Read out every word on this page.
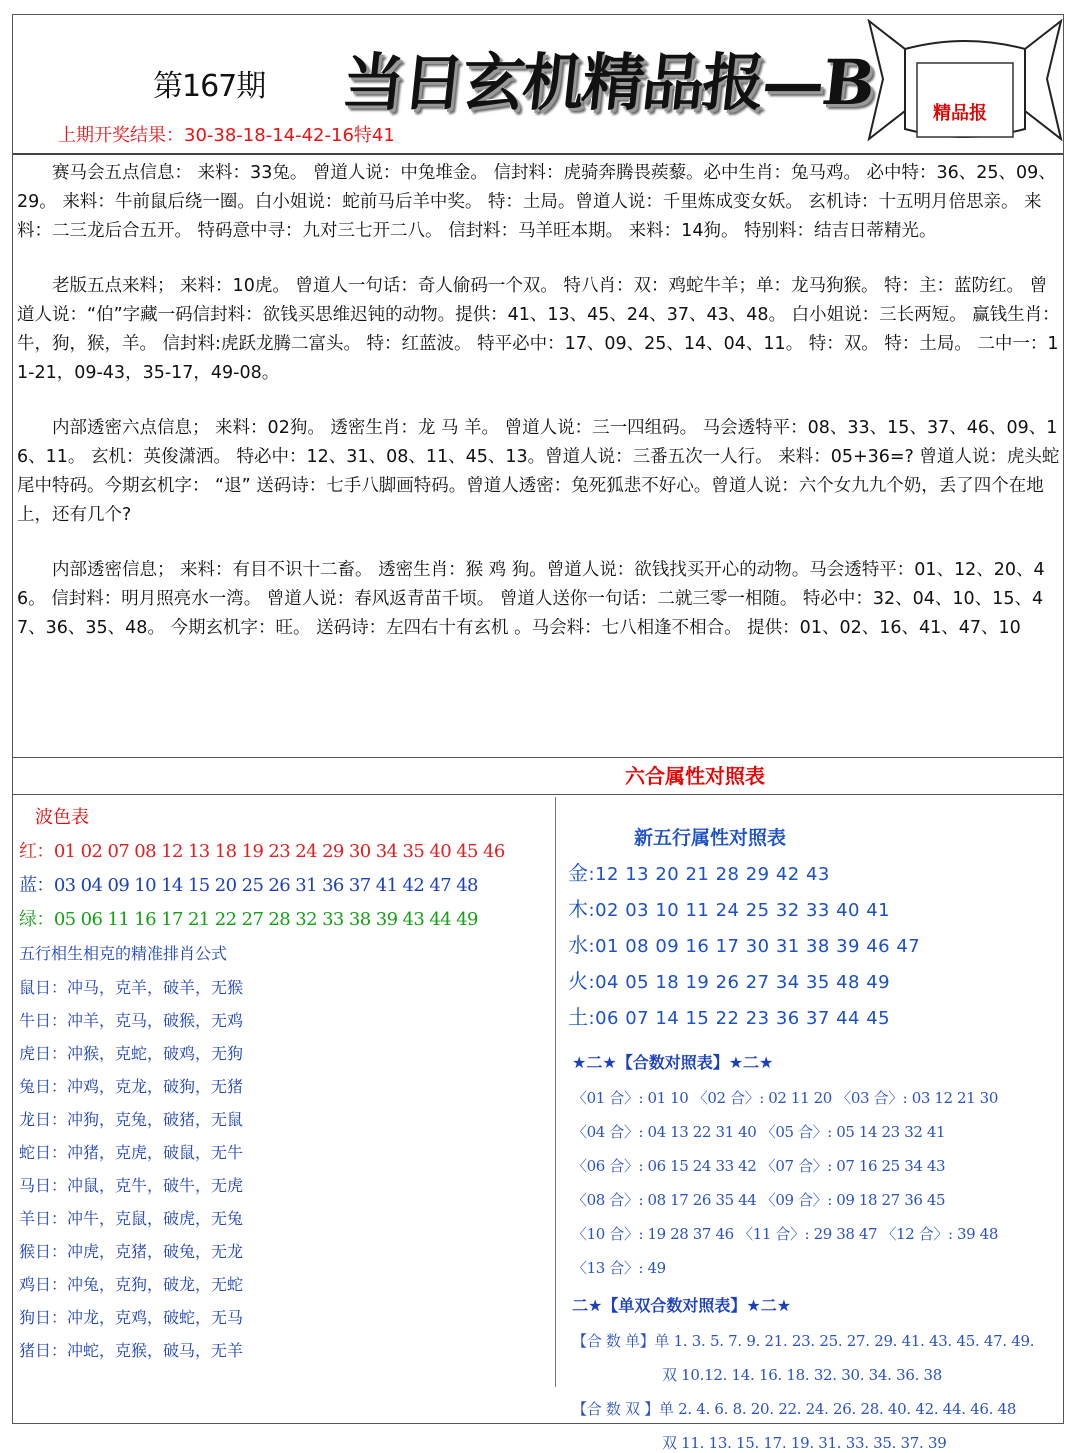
第167期 当日玄机精品报—B	精品报
上期开奖结果：30-38-18-14-42-16特41

赛马会五点信息： 来料：33兔。 曾道人说：中兔堆金。 信封料：虎骑奔腾畏蒺藜。必中生肖：兔马鸡。 必中特：36、25、09、29。 来料：牛前鼠后绕一圈。白小姐说：蛇前马后羊中奖。 特：土局。曾道人说：千里炼成变女妖。 玄机诗：十五明月倍思亲。 来料：二三龙后合五开。 特码意中寻：九对三七开二八。 信封料：马羊旺本期。 来料：14狗。 特别料：结吉日蒂精光。

老版五点来料； 来料：10虎。 曾道人一句话：奇人偷码一个双。 特八肖：双：鸡蛇牛羊；单：龙马狗猴。 特：主：蓝防红。 曾道人说：“伯”字藏一码信封料：欲钱买思维迟钝的动物。提供：41、13、45、24、37、43、48。 白小姐说：三长两短。 赢钱生肖：牛，狗，猴，羊。 信封料:虎跃龙腾二富头。 特：红蓝波。 特平必中：17、09、25、14、04、11。 特：双。 特：土局。 二中一：11-21，09-43，35-17，49-08。

内部透密六点信息； 来料：02狗。 透密生肖：龙 马 羊。 曾道人说：三一四组码。 马会透特平：08、33、15、37、46、09、16、11。 玄机：英俊潇洒。 特必中：12、31、08、11、45、13。曾道人说：三番五次一人行。 来料：05+36=? 曾道人说：虎头蛇尾中特码。今期玄机字： “退” 送码诗：七手八脚画特码。曾道人透密：兔死狐悲不好心。曾道人说：六个女九九个奶，丢了四个在地上，还有几个?

内部透密信息； 来料：有目不识十二畜。 透密生肖：猴 鸡 狗。曾道人说：欲钱找买开心的动物。马会透特平：01、12、20、46。 信封料：明月照亮水一湾。 曾道人说：春风返青苗千顷。 曾道人送你一句话：二就三零一相随。 特必中：32、04、10、15、47、36、35、48。 今期玄机字：旺。 送码诗：左四右十有玄机 。马会料：七八相逢不相合。 提供：01、02、16、41、47、10

六合属性对照表
波色表
红：01 02 07 08 12 13 18 19 23 24 29 30 34 35 40 45 46
蓝：03 04 09 10 14 15 20 25 26 31 36 37 41 42 47 48
绿：05 06 11 16 17 21 22 27 28 32 33 38 39 43 44 49
五行相生相克的精准排肖公式
鼠日：冲马，克羊，破羊，无猴
牛日：冲羊，克马，破猴，无鸡
虎日：冲猴，克蛇，破鸡，无狗
兔日：冲鸡，克龙，破狗，无猪
龙日：冲狗，克兔，破猪，无鼠
蛇日：冲猪，克虎，破鼠，无牛
马日：冲鼠，克牛，破牛，无虎
羊日：冲牛，克鼠，破虎，无兔
猴日：冲虎，克猪，破兔，无龙
鸡日：冲兔，克狗，破龙，无蛇
狗日：冲龙，克鸡，破蛇，无马
猪日：冲蛇，克猴，破马，无羊
新五行属性对照表
金:12 13 20 21 28 29 42 43
木:02 03 10 11 24 25 32 33 40 41
水:01 08 09 16 17 30 31 38 39 46 47
火:04 05 18 19 26 27 34 35 48 49
土:06 07 14 15 22 23 36 37 44 45
★二★【合数对照表】★二★
〈01 合〉: 01 10 〈02 合〉: 02 11 20 〈03 合〉: 03 12 21 30
〈04 合〉: 04 13 22 31 40 〈05 合〉: 05 14 23 32 41
〈06 合〉: 06 15 24 33 42 〈07 合〉: 07 16 25 34 43
〈08 合〉: 08 17 26 35 44 〈09 合〉: 09 18 27 36 45
〈10 合〉: 19 28 37 46 〈11 合〉: 29 38 47 〈12 合〉: 39 48
〈13 合〉: 49
二★【单双合数对照表】★二★
【合 数 单】单 1. 3. 5. 7. 9. 21. 23. 25. 27. 29. 41. 43. 45. 47. 49.
双 10.12. 14. 16. 18. 32. 30. 34. 36. 38
【合 数 双 】单 2. 4. 6. 8. 20. 22. 24. 26. 28. 40. 42. 44. 46. 48
双 11. 13. 15. 17. 19. 31. 33. 35. 37. 39
